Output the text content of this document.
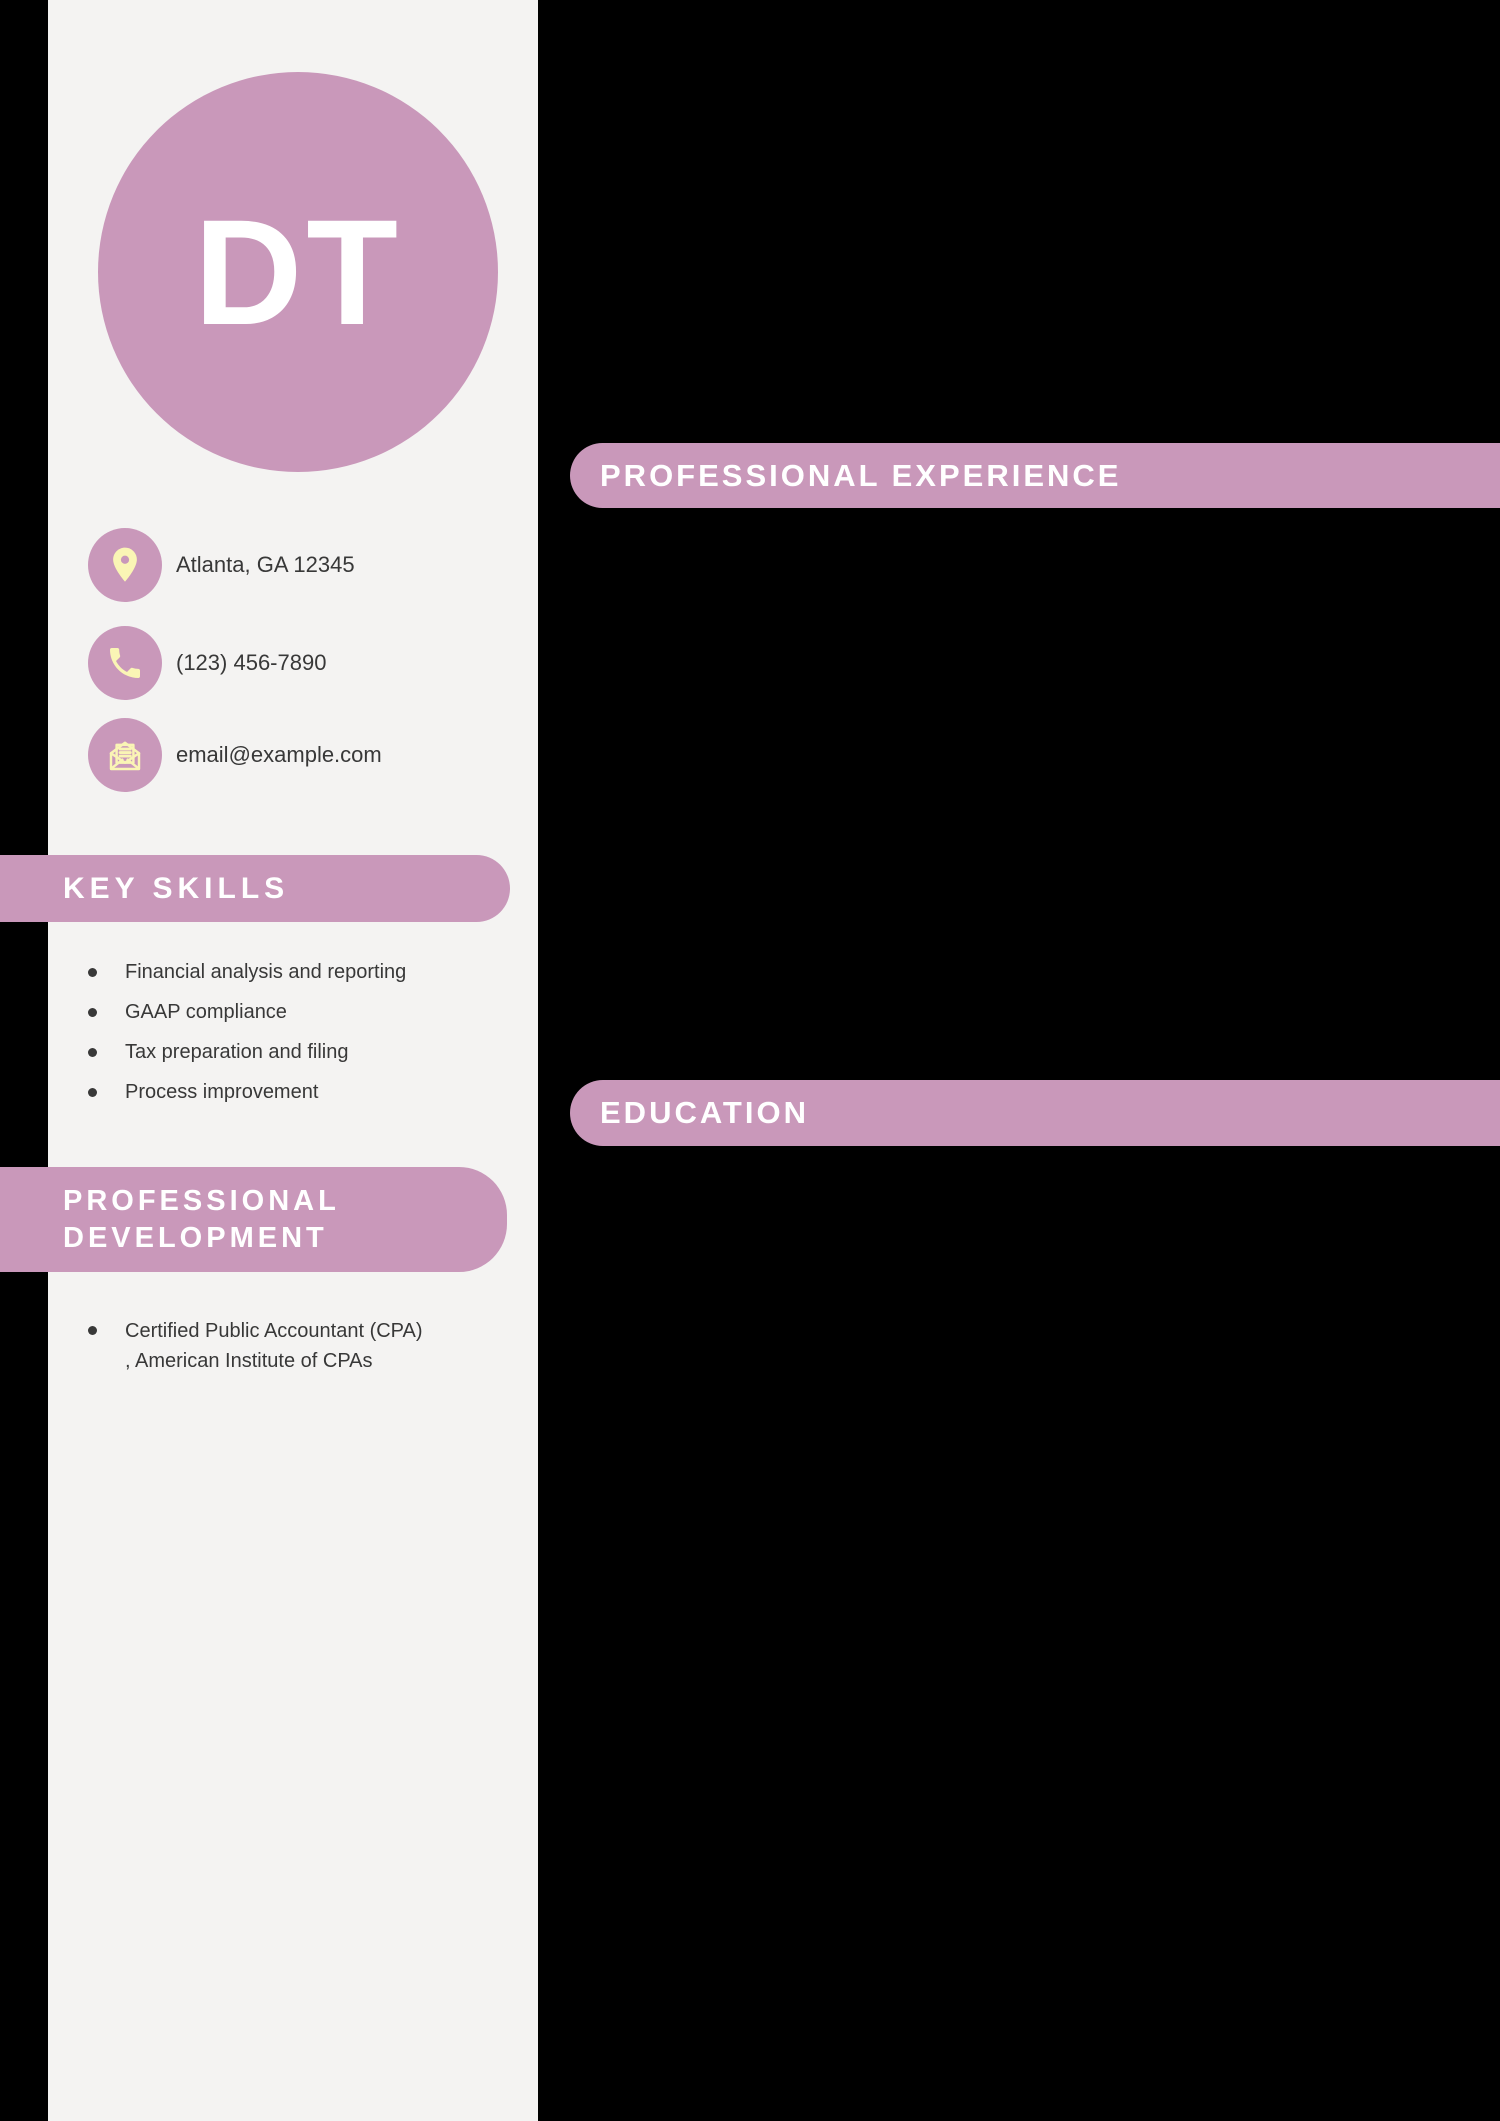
DT
Atlanta, GA 12345
(123) 456-7890
email@example.com
KEY SKILLS
Financial analysis and reporting
GAAP compliance
Tax preparation and filing
Process improvement
PROFESSIONAL
DEVELOPMENT
Certified Public Accountant (CPA)
, American Institute of CPAs
PROFESSIONAL EXPERIENCE
EDUCATION
